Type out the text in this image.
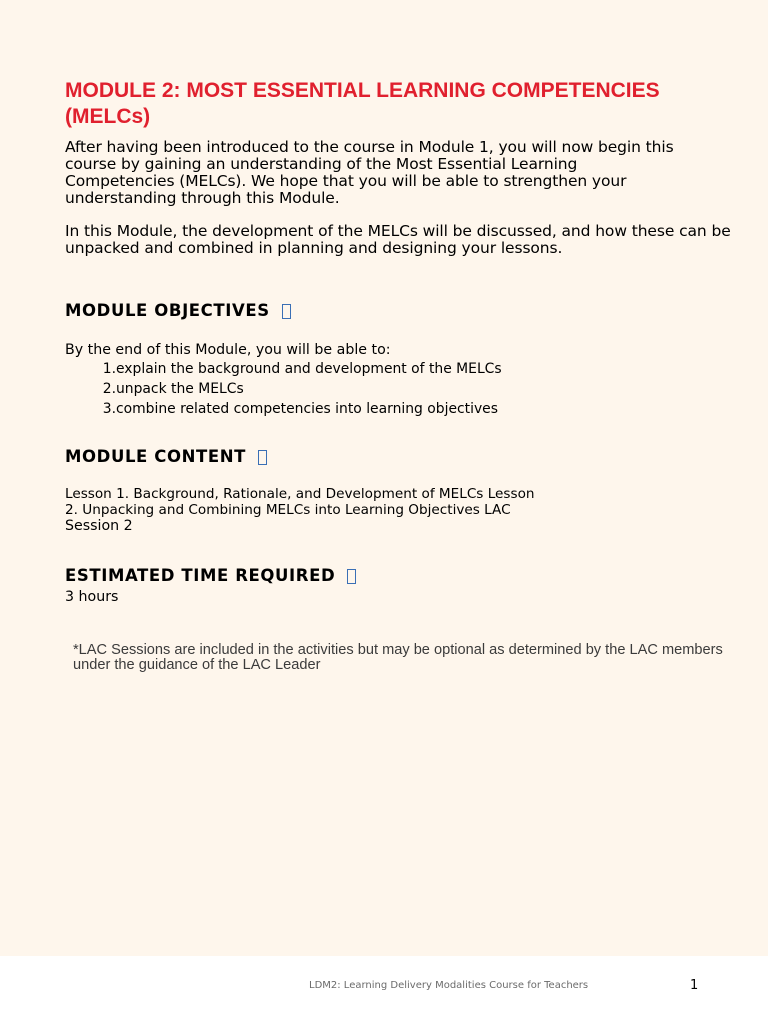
MODULE 2: MOST ESSENTIAL LEARNING COMPETENCIES (MELCs)

After having been introduced to the course in Module 1, you will now begin this course by gaining an understanding of the Most Essential Learning Competencies (MELCs). We hope that you will be able to strengthen your understanding through this Module.

In this Module, the development of the MELCs will be discussed, and how these can be unpacked and combined in planning and designing your lessons.

MODULE OBJECTIVES

By the end of this Module, you will be able to:

1. explain the background and development of the MELCs
2. unpack the MELCs
3. combine related competencies into learning objectives
MODULE CONTENT

Lesson 1. Background, Rationale, and Development of MELCs Lesson
2. Unpacking and Combining MELCs into Learning Objectives LAC
Session 2

ESTIMATED TIME REQUIRED

3 hours

*LAC Sessions are included in the activities but may be optional as determined by the LAC members under the guidance of the LAC Leader

LDM2: Learning Delivery Modalities Course for Teachers	1
